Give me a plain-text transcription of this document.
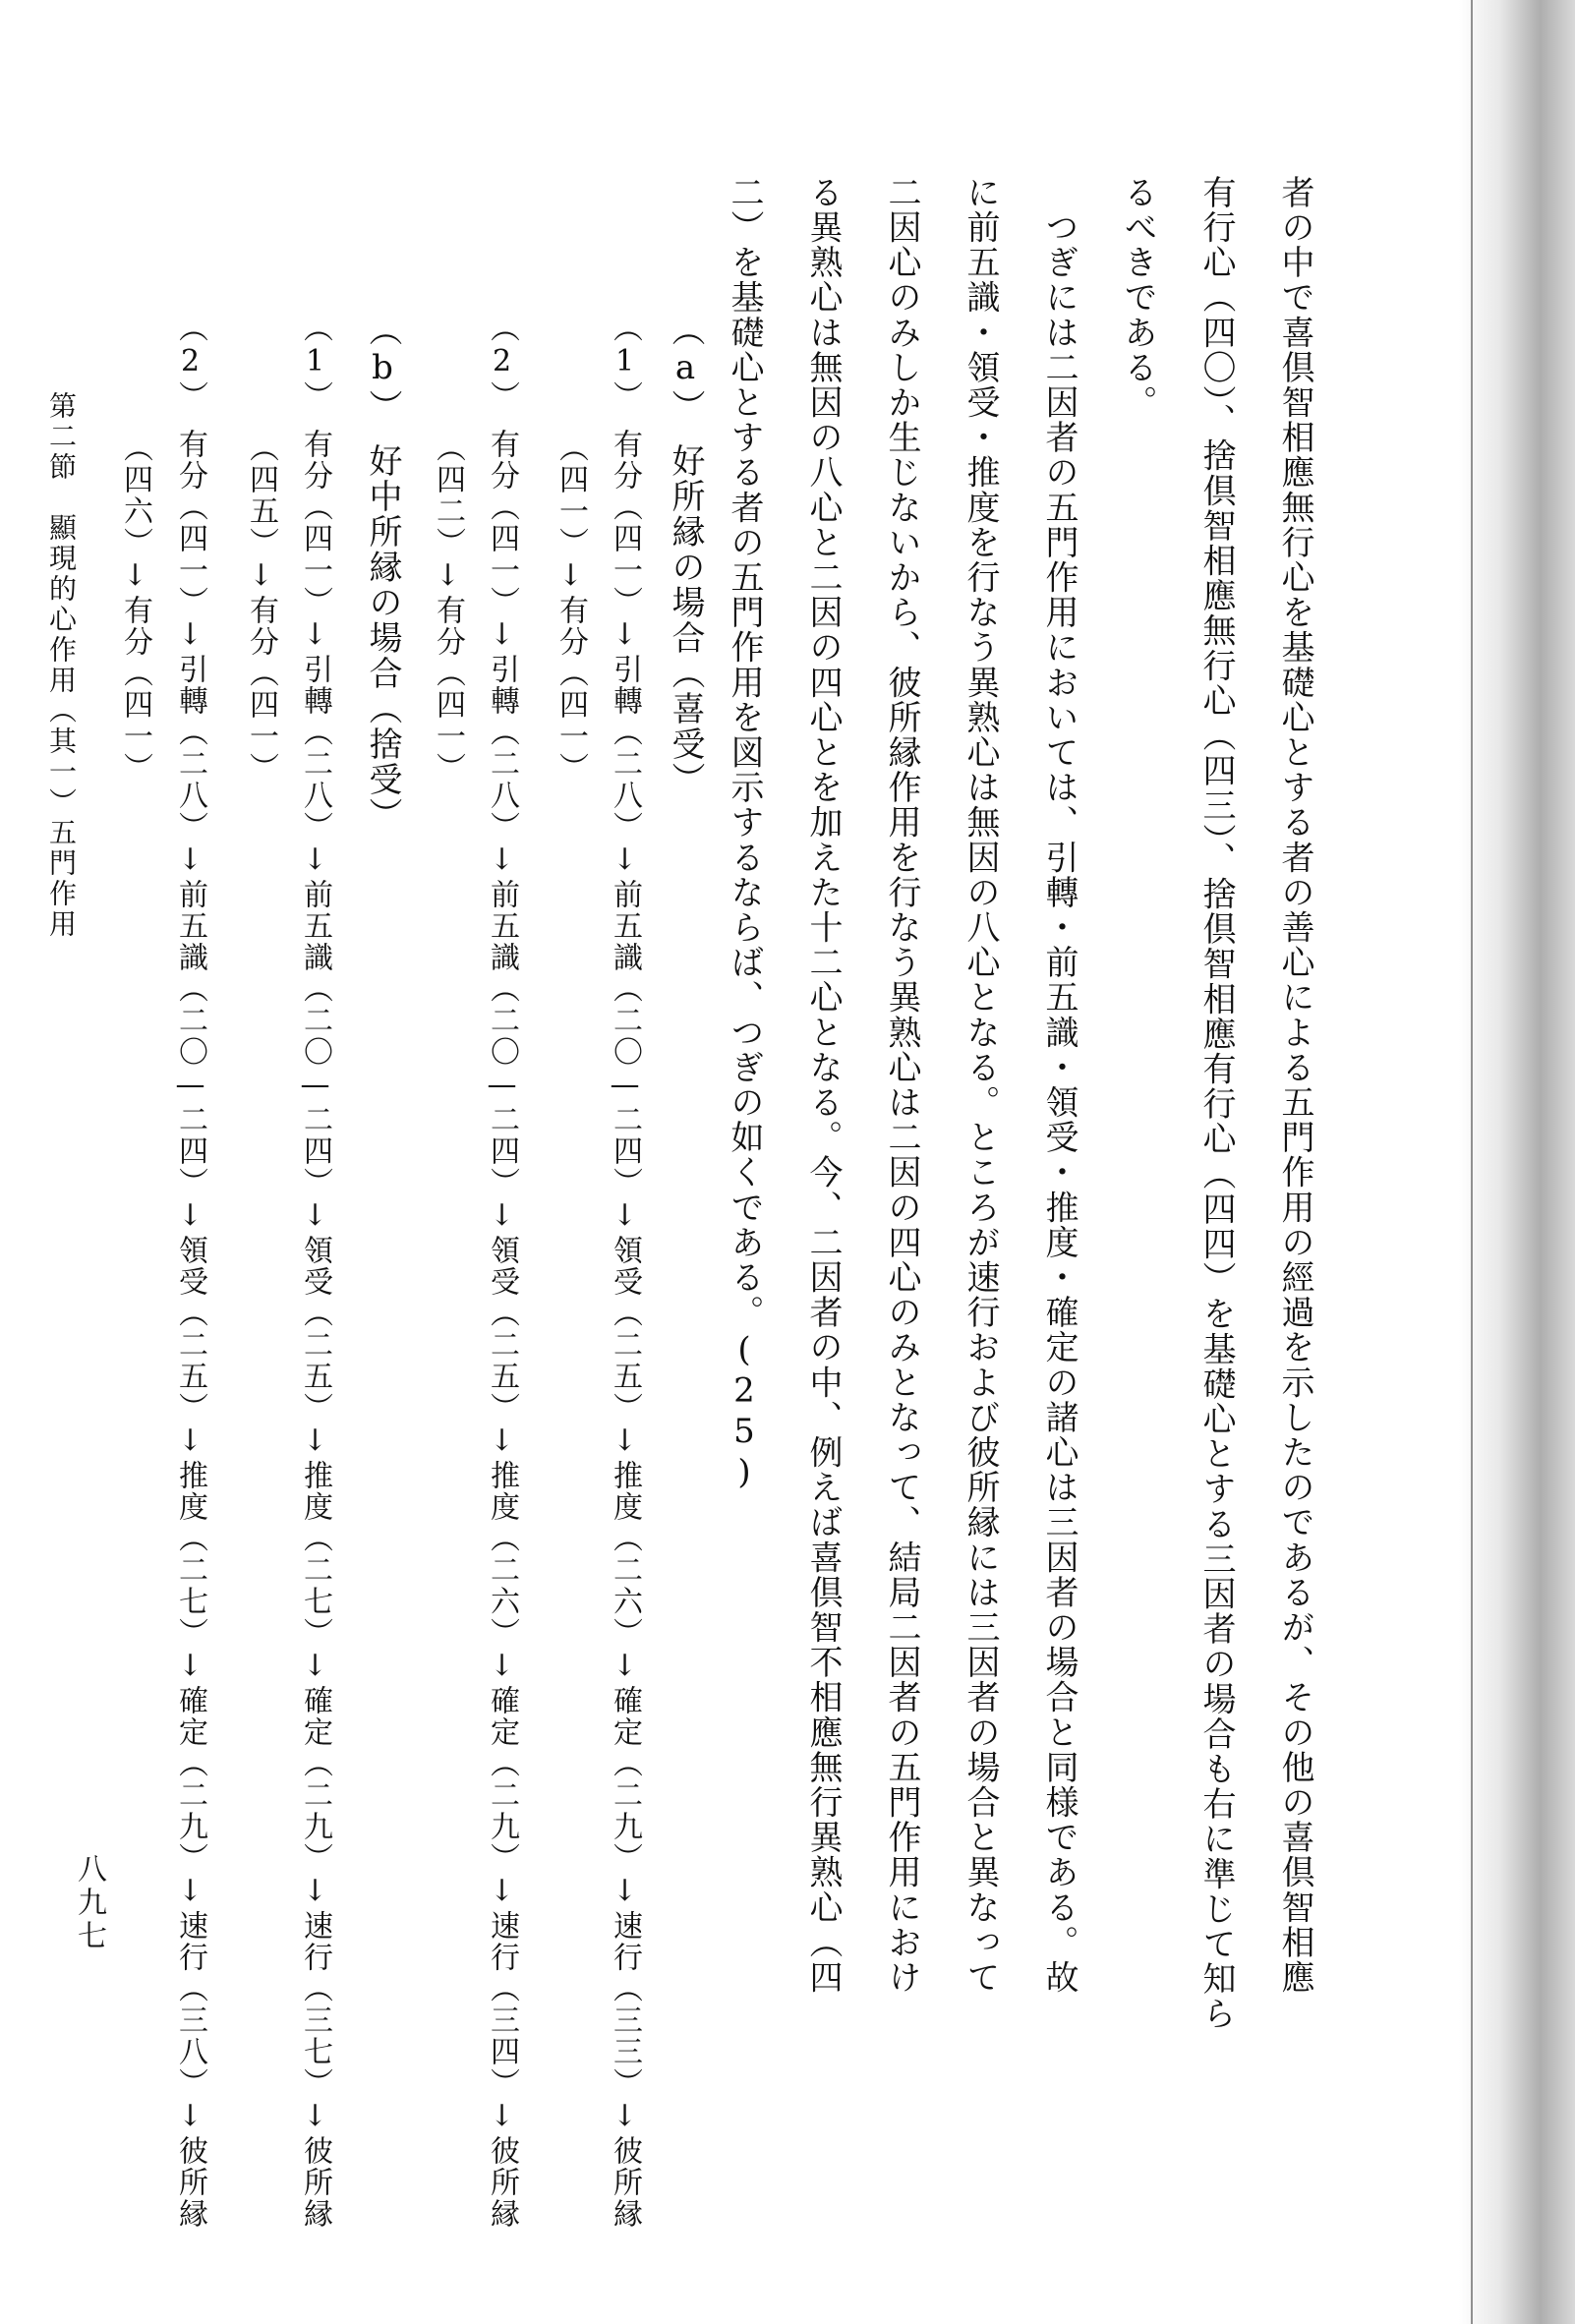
者の中で喜倶智相應無行心を基礎心とする者の善心による五門作用の經過を示したのであるが、その他の喜倶智相應
有行心（四〇）、捨倶智相應無行心（四三）、捨倶智相應有行心（四四）を基礎心とする三因者の場合も右に準じて知ら
るべきである。
　つぎには二因者の五門作用においては、引轉・前五識・領受・推度・確定の諸心は三因者の場合と同様である。故
に前五識・領受・推度を行なう異熟心は無因の八心となる。ところが速行および彼所縁には三因者の場合と異なって
二因心のみしか生じないから、彼所縁作用を行なう異熟心は二因の四心のみとなって、結局二因者の五門作用におけ
る異熟心は無因の八心と二因の四心とを加えた十二心となる。今、二因者の中、例えば喜倶智不相應無行異熟心（四
二）を基礎心とする者の五門作用を図示するならば、つぎの如くである。(25)
（a）　好所縁の場合（喜受）
（1）　有分（四一）↓引轉（二八）↓前五識（二〇—二四）↓領受（二五）↓推度（二六）↓確定（二九）↓速行（三三）↓彼所縁
（四一）↓有分（四一）
（2）　有分（四一）↓引轉（二八）↓前五識（二〇—二四）↓領受（二五）↓推度（二六）↓確定（二九）↓速行（三四）↓彼所縁
（四二）↓有分（四一）
（b）　好中所縁の場合（捨受）
（1）　有分（四一）↓引轉（二八）↓前五識（二〇—二四）↓領受（二五）↓推度（二七）↓確定（二九）↓速行（三七）↓彼所縁
（四五）↓有分（四一）
（2）　有分（四一）↓引轉（二八）↓前五識（二〇—二四）↓領受（二五）↓推度（二七）↓確定（二九）↓速行（三八）↓彼所縁
（四六）↓有分（四一）
第二節　顯現的心作用（其一）五門作用
八九七
